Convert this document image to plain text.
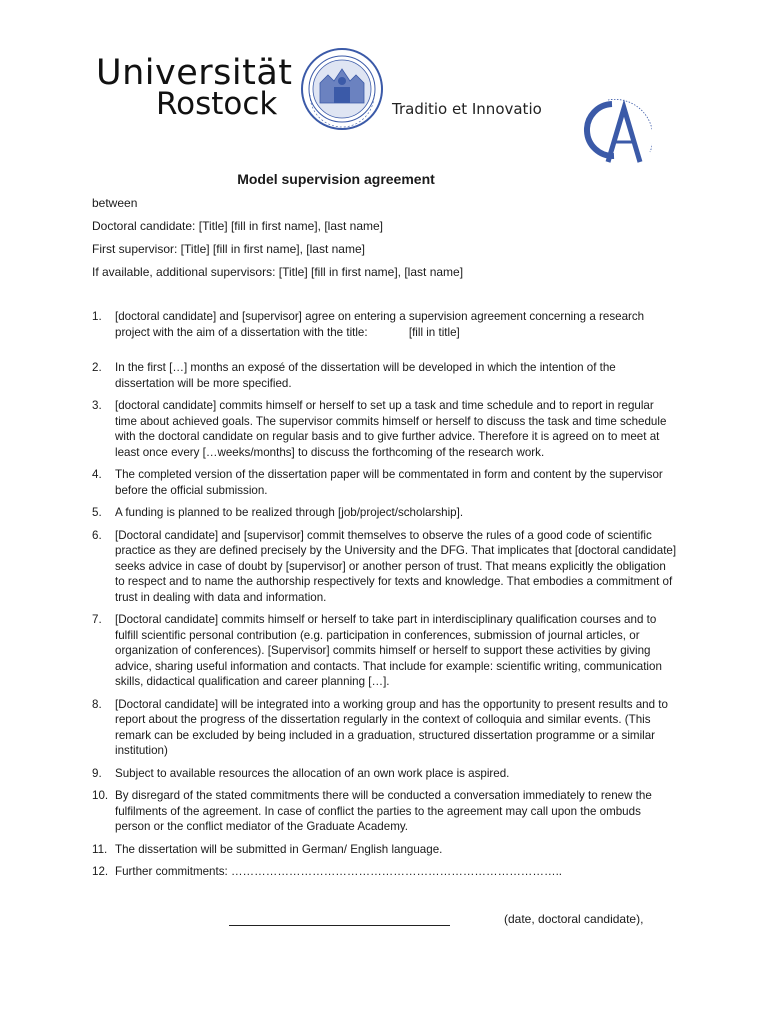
Universität
Rostock	Traditio et Innovatio
Model supervision agreement
between
Doctoral candidate: [Title] [fill in first name], [last name]
First supervisor: [Title] [fill in first name], [last name]
If available, additional supervisors: [Title] [fill in first name], [last name]
1. [doctoral candidate] and [supervisor] agree on entering a supervision agreement concerning a research project with the aim of a dissertation with the title:	[fill in title]
2. In the first […] months an exposé of the dissertation will be developed in which the intention of the dissertation will be more specified.
3. [doctoral candidate] commits himself or herself to set up a task and time schedule and to report in regular time about achieved goals. The supervisor commits himself or herself to discuss the task and time schedule with the doctoral candidate on regular basis and to give further advice. Therefore it is agreed on to meet at least once every […weeks/months] to discuss the forthcoming of the research work.
4. The completed version of the dissertation paper will be commentated in form and content by the supervisor before the official submission.
5. A funding is planned to be realized through [job/project/scholarship].
6. [Doctoral candidate] and [supervisor] commit themselves to observe the rules of a good code of scientific practice as they are defined precisely by the University and the DFG. That implicates that [doctoral candidate] seeks advice in case of doubt by [supervisor] or another person of trust. That means explicitly the obligation to respect and to name the authorship respectively for texts and knowledge. That embodies a commitment of trust in dealing with data and information.
7. [Doctoral candidate] commits himself or herself to take part in interdisciplinary qualification courses and to fulfill scientific personal contribution (e.g. participation in conferences, submission of journal articles, or organization of conferences). [Supervisor] commits himself or herself to support these activities by giving advice, sharing useful information and contacts. That include for example: scientific writing, communication skills, didactical qualification and career planning […].
8. [Doctoral candidate] will be integrated into a working group and has the opportunity to present results and to report about the progress of the dissertation regularly in the context of colloquia and similar events. (This remark can be excluded by being included in a graduation, structured dissertation programme or a similar institution)
9. Subject to available resources the allocation of an own work place is aspired.
10. By disregard of the stated commitments there will be conducted a conversation immediately to renew the fulfilments of the agreement. In case of conflict the parties to the agreement may call upon the ombuds person or the conflict mediator of the Graduate Academy.
11. The dissertation will be submitted in German/ English language.
12. Further commitments: …………………………………………………………………………..
(date, doctoral candidate),
